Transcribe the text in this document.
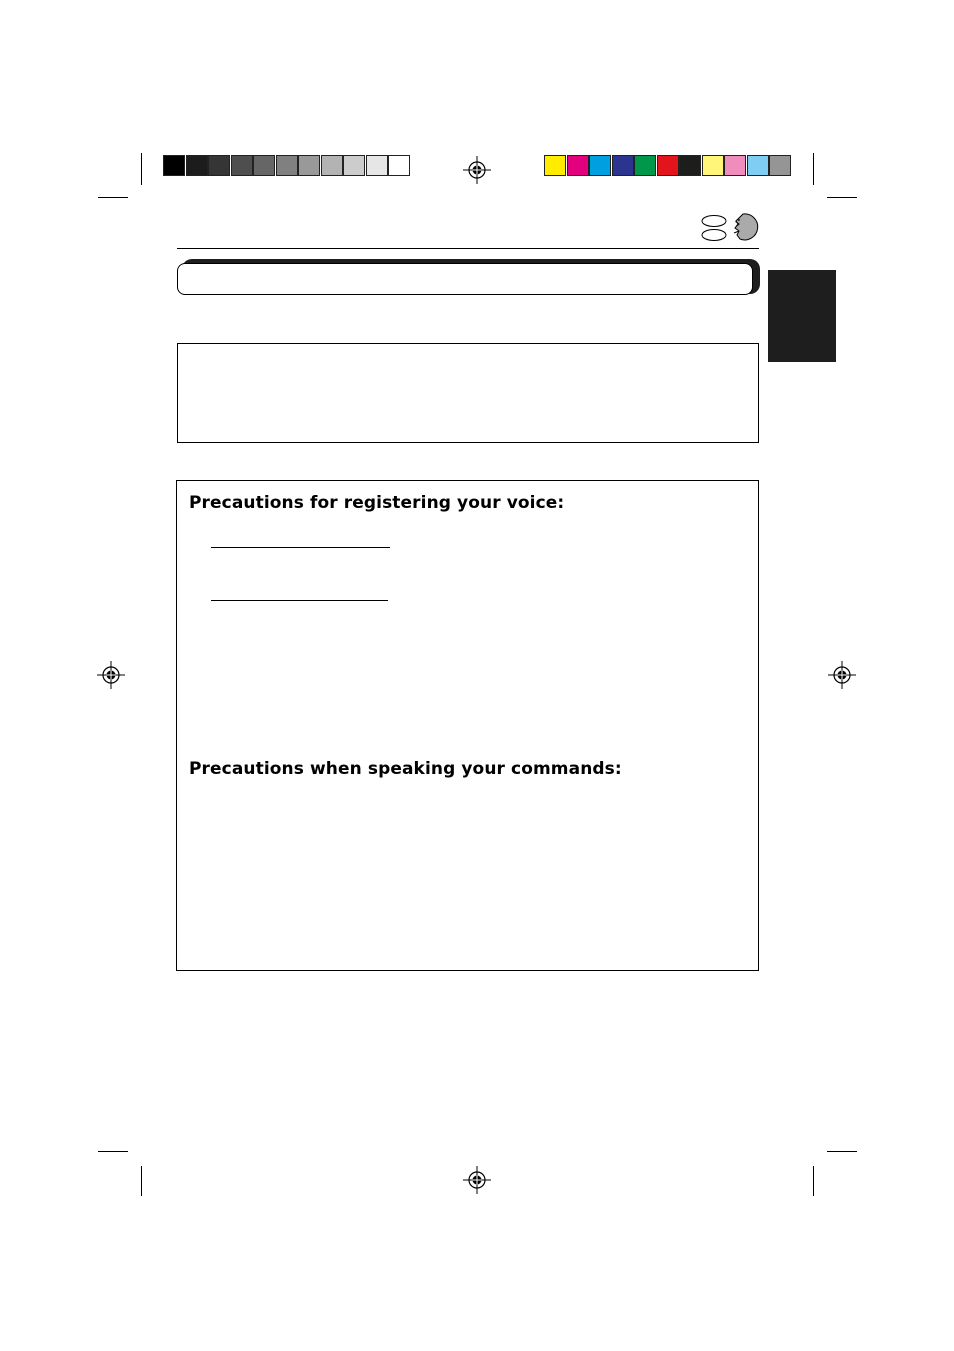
Precautions for registering your voice:
Precautions when speaking your commands:
